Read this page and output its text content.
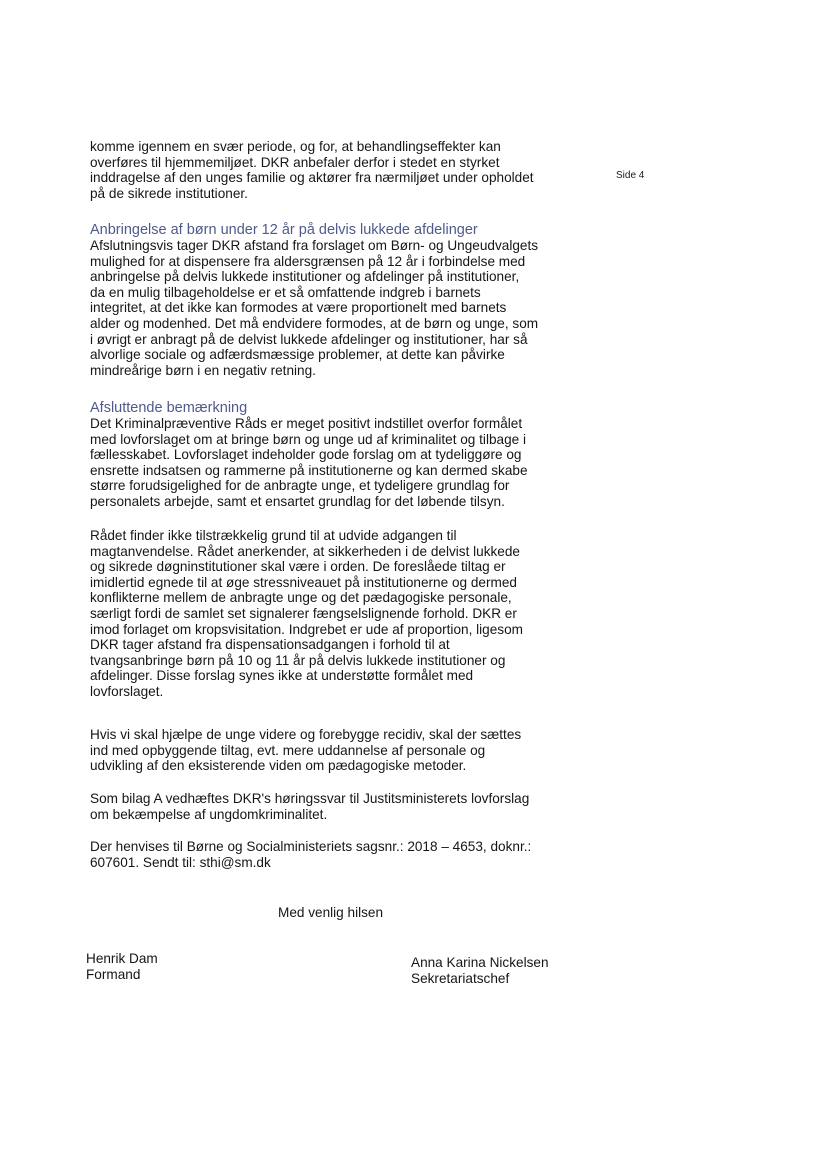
Side 4
komme igennem en svær periode, og for, at behandlingseffekter kan
overføres til hjemmemiljøet. DKR anbefaler derfor i stedet en styrket
inddragelse af den unges familie og aktører fra nærmiljøet under opholdet
på de sikrede institutioner.
Anbringelse af børn under 12 år på delvis lukkede afdelinger
Afslutningsvis tager DKR afstand fra forslaget om Børn- og Ungeudvalgets
mulighed for at dispensere fra aldersgrænsen på 12 år i forbindelse med
anbringelse på delvis lukkede institutioner og afdelinger på institutioner,
da en mulig tilbageholdelse er et så omfattende indgreb i barnets
integritet, at det ikke kan formodes at være proportionelt med barnets
alder og modenhed. Det må endvidere formodes, at de børn og unge, som
i øvrigt er anbragt på de delvist lukkede afdelinger og institutioner, har så
alvorlige sociale og adfærdsmæssige problemer, at dette kan påvirke
mindreårige børn i en negativ retning.
Afsluttende bemærkning
Det Kriminalpræventive Råds er meget positivt indstillet overfor formålet
med lovforslaget om at bringe børn og unge ud af kriminalitet og tilbage i
fællesskabet. Lovforslaget indeholder gode forslag om at tydeliggøre og
ensrette indsatsen og rammerne på institutionerne og kan dermed skabe
større forudsigelighed for de anbragte unge, et tydeligere grundlag for
personalets arbejde, samt et ensartet grundlag for det løbende tilsyn.
Rådet finder ikke tilstrækkelig grund til at udvide adgangen til
magtanvendelse. Rådet anerkender, at sikkerheden i de delvist lukkede
og sikrede døgninstitutioner skal være i orden. De foreslåede tiltag er
imidlertid egnede til at øge stressniveauet på institutionerne og dermed
konflikterne mellem de anbragte unge og det pædagogiske personale,
særligt fordi de samlet set signalerer fængselslignende forhold. DKR er
imod forlaget om kropsvisitation. Indgrebet er ude af proportion, ligesom
DKR tager afstand fra dispensationsadgangen i forhold til at
tvangsanbringe børn på 10 og 11 år på delvis lukkede institutioner og
afdelinger. Disse forslag synes ikke at understøtte formålet med
lovforslaget.
Hvis vi skal hjælpe de unge videre og forebygge recidiv, skal der sættes
ind med opbyggende tiltag, evt. mere uddannelse af personale og
udvikling af den eksisterende viden om pædagogiske metoder.
Som bilag A vedhæftes DKR's høringssvar til Justitsministerets lovforslag
om bekæmpelse af ungdomkriminalitet.
Der henvises til Børne og Socialministeriets sagsnr.: 2018 – 4653, doknr.:
607601. Sendt til: sthi@sm.dk
Med venlig hilsen
Henrik Dam
Formand
Anna Karina Nickelsen
Sekretariatschef
